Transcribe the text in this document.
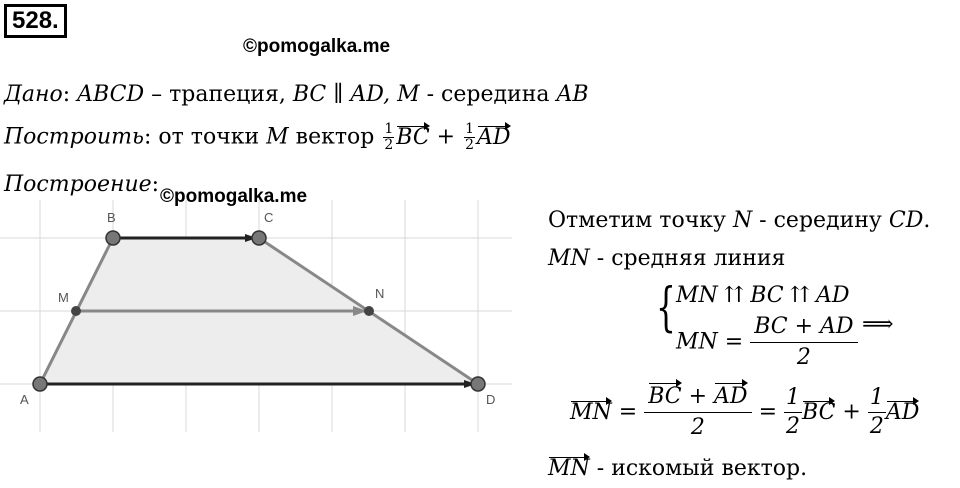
528.
©pomogalka.me
Дано: ABCD – трапеция, BC ∥ AD, M - середина AB
Построить: от точки M вектор $\frac{1}{2}$ BC + $\frac{1}{2}$ AD
Построение: ©pomogalka.me
A
B	C
D
M	N
Отметим точку N - середину CD.
MN - средняя линия
{ MN ⇈ BC ⇈ AD
MN = $\frac{BC + AD}{2}$ ⟹
MN = $\frac{BC + AD}{2} = \frac{1}{2}$ BC + $\frac{1}{2}$ AD
MN - искомый вектор.
